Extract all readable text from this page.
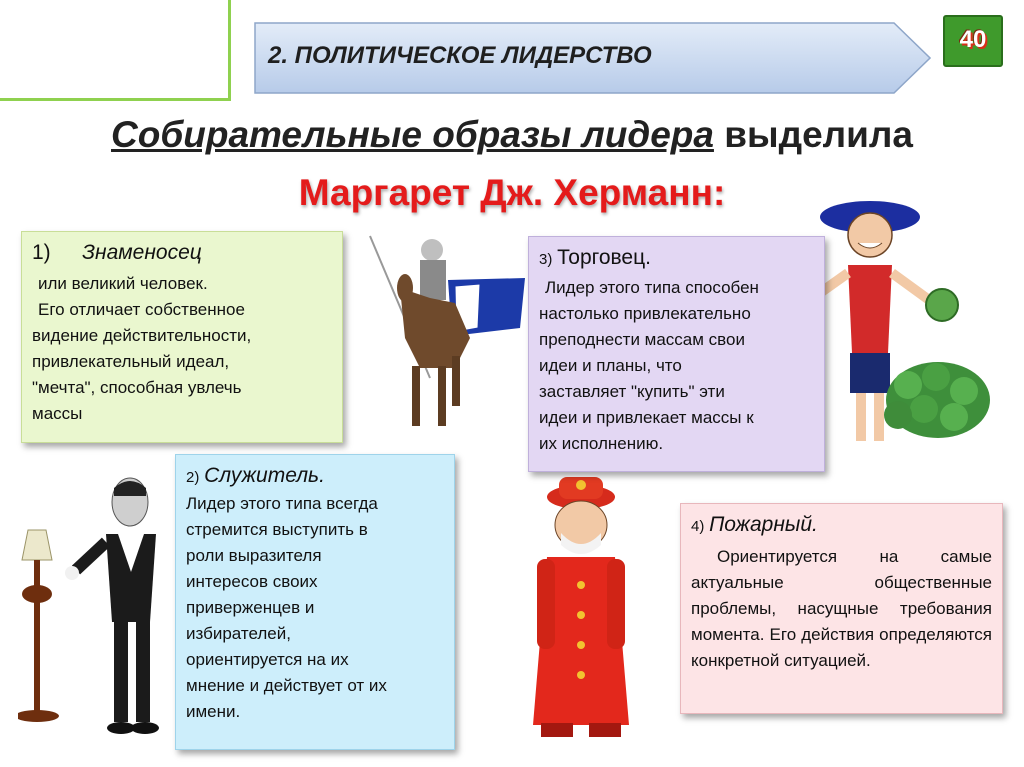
2. ПОЛИТИЧЕСКОЕ ЛИДЕРСТВО
40
Собирательные образы лидера выделила
Маргарет Дж. Херманн:
1) Знаменосец
или великий человек.
Его отличает собственное
видение действительности,
привлекательный идеал,
"мечта", способная увлечь
массы
2) Служитель.
Лидер этого типа всегда
стремится выступить в
роли выразителя
интересов своих
приверженцев и
избирателей,
ориентируется на их
мнение и действует от их
имени.
3) Торговец.
Лидер этого типа способен
настолько привлекательно
преподнести массам свои
идеи и планы, что
заставляет "купить" эти
идеи и привлекает массы к
их исполнению.
4) Пожарный.
Ориентируется на самые актуальные общественные проблемы, насущные требования момента. Его действия определяются конкретной ситуацией.
